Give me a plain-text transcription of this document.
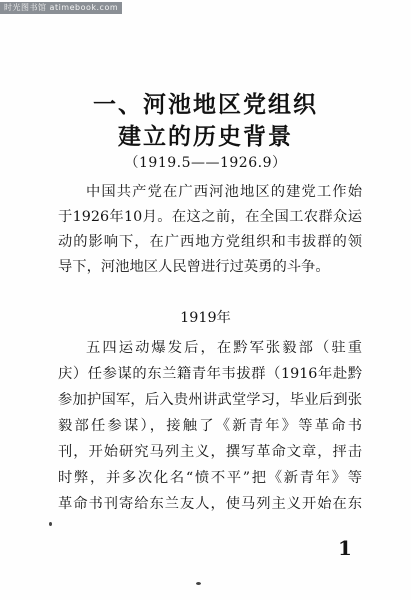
时光图书馆 atimebook.com
一、河池地区党组织
建立的历史背景
（1919.5——1926.9）
中国共产党在广西河池地区的建党工作始
于1926年10月。在这之前，在全国工农群众运
动的影响下，在广西地方党组织和韦拔群的领
导下，河池地区人民曾进行过英勇的斗争。
1919年
五四运动爆发后，在黔军张毅部（驻重
庆）任参谋的东兰籍青年韦拔群（1916年赴黔
参加护国军，后入贵州讲武堂学习，毕业后到张
毅部任参谋），接触了《新青年》等革命书
刊，开始研究马列主义，撰写革命文章，抨击
时弊，并多次化名“愤不平”把《新青年》等
革命书刊寄给东兰友人，使马列主义开始在东
1
